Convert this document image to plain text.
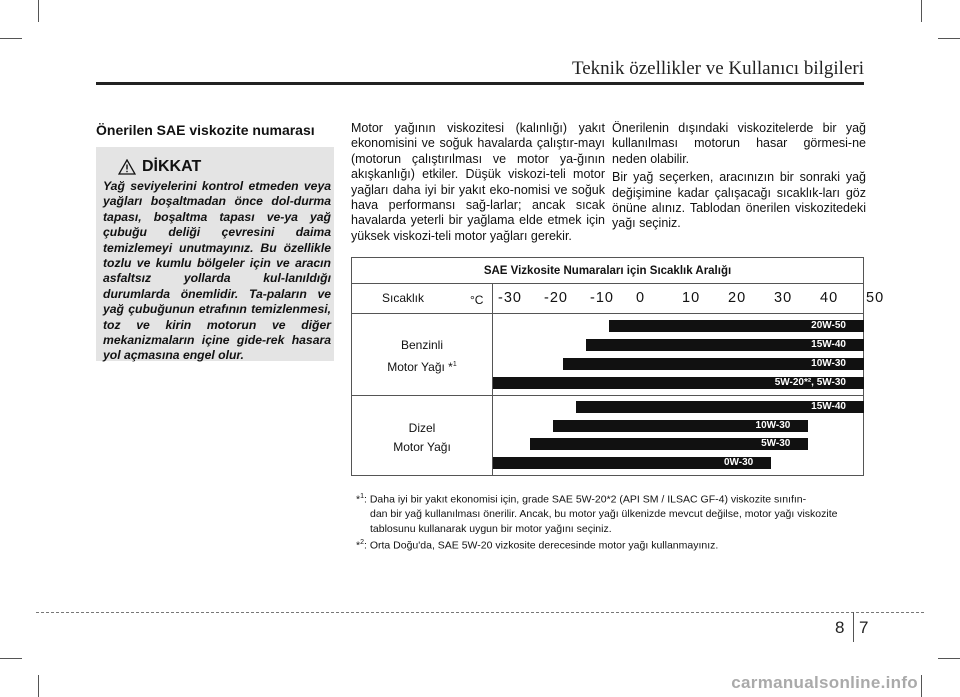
Teknik özellikler ve Kullanıcı bilgileri
Önerilen SAE viskozite numarası
DİKKAT
Yağ seviyelerini kontrol etmeden veya yağları boşaltmadan önce dol-durma tapası, boşaltma tapası ve-ya yağ çubuğu deliği çevresini daima temizlemeyi unutmayınız. Bu özellikle tozlu ve kumlu bölgeler için ve aracın asfaltsız yollarda kul-lanıldığı durumlarda önemlidir. Ta-paların ve yağ çubuğunun etrafının temizlenmesi, toz ve kirin motorun ve diğer mekanizmaların içine gide-rek hasara yol açmasına engel olur.

Motor yağının viskozitesi (kalınlığı) yakıt ekonomisini ve soğuk havalarda çalıştır-mayı (motorun çalıştırılması ve motor ya-ğının akışkanlığı) etkiler. Düşük viskozi-teli motor yağları daha iyi bir yakıt eko-nomisi ve soğuk hava performansı sağ-larlar; ancak sıcak havalarda yeterli bir yağlama elde etmek için yüksek viskozi-teli motor yağları gerekir.

Önerilenin dışındaki viskozitelerde bir yağ kullanılması motorun hasar görmesi-ne neden olabilir.

Bir yağ seçerken, aracınızın bir sonraki yağ değişimine kadar çalışacağı sıcaklık-ları göz önüne alınız. Tablodan önerilen viskozitedeki yağı seçiniz.

SAE Vizkosite Numaraları için Sıcaklık Aralığı
Sıcaklık	°C -30 -20 -10 0	10 20 30 40 50
Benzinli
Motor Yağı *$^1$
Dizel
Motor Yağı
20W-50
15W-40
10W-30
5W-20*², 5W-30
15W-40
10W-30
5W-30
0W-30

*$^1$: Daha iyi bir yakıt ekonomisi için, grade SAE 5W-20*2 (API SM / ILSAC GF-4) viskozite sınıfın-

dan bir yağ kullanılması önerilir. Ancak, bu motor yağı ülkenizde mevcut değilse, motor yağı viskozite tablosunu kullanarak uygun bir motor yağını seçiniz.

*$^2$: Orta Doğu'da, SAE 5W-20 vizkosite derecesinde motor yağı kullanmayınız.

8 7
carmanualsonline.info
